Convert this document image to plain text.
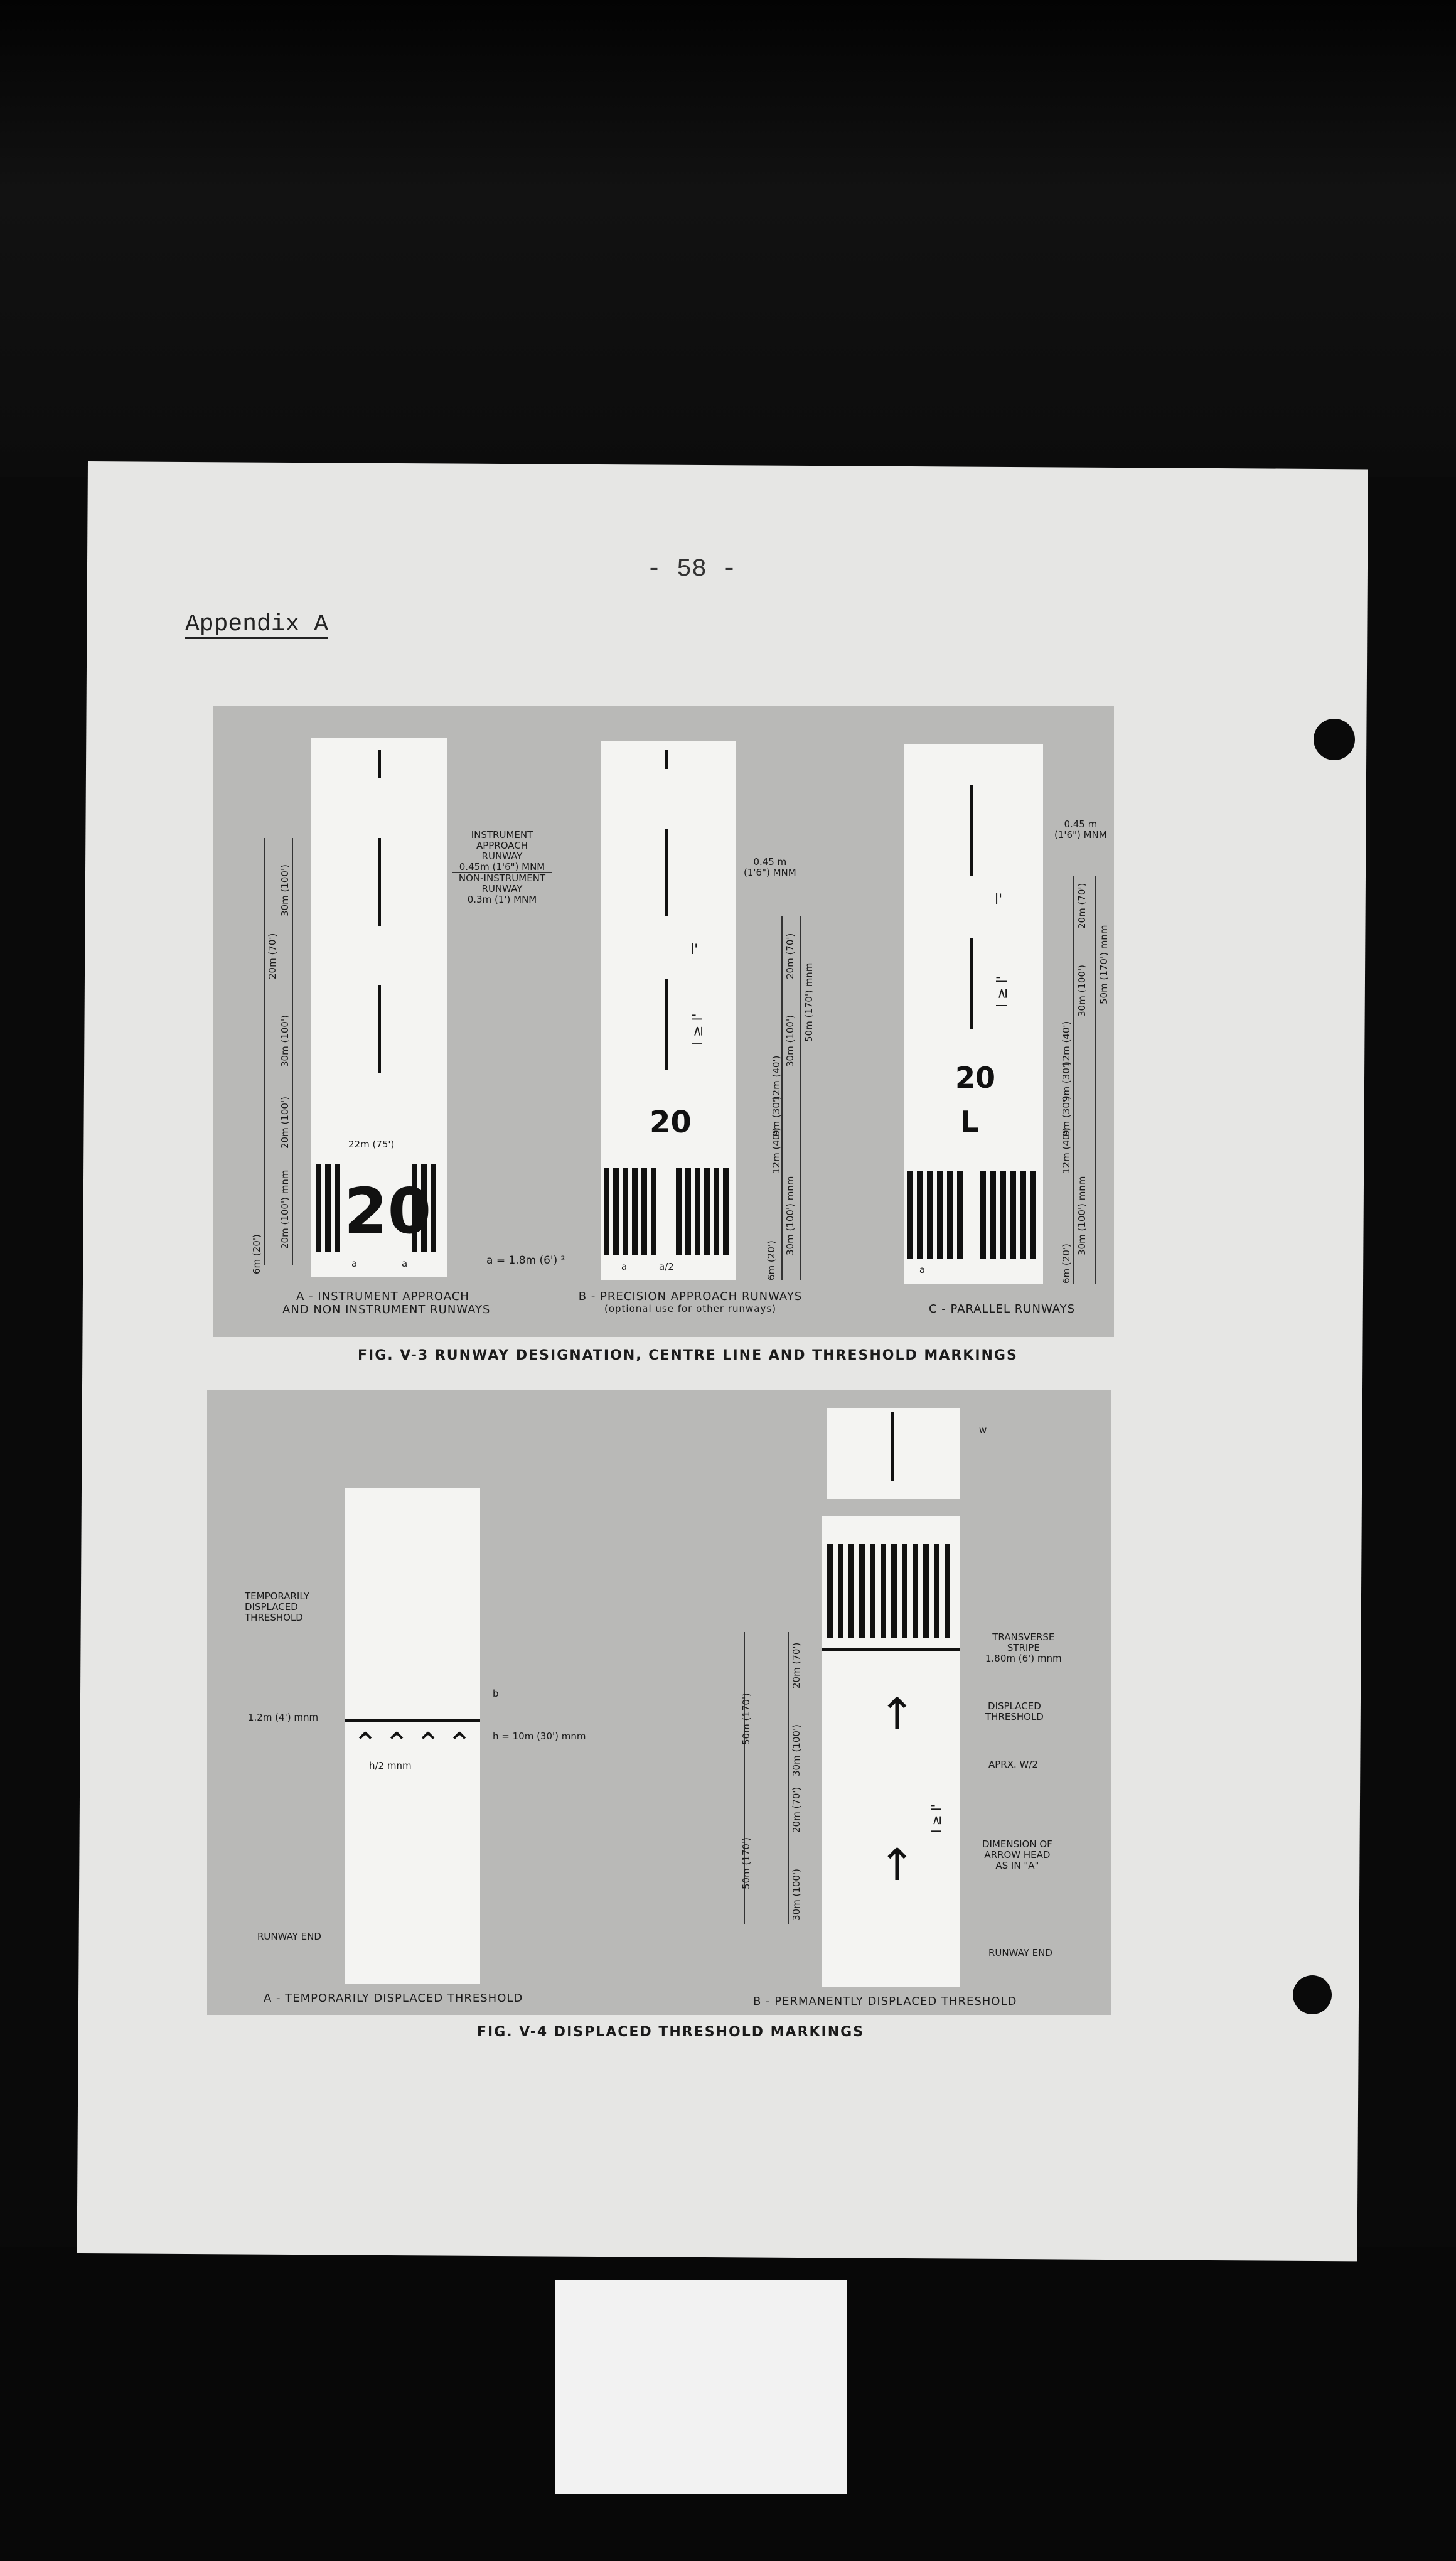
- 58 -
Appendix A
20
30m (100')
20m (70')
30m (100')
20m (100')
20m (100') mnm
6m (20')
INSTRUMENT
APPROACH
RUNWAY
0.45m (1'6") MNM
NON-INSTRUMENT
RUNWAY
0.3m (1') MNM
22m (75')
a	a	a = 1.8m (6') ²
A - INSTRUMENT APPROACH
AND NON INSTRUMENT RUNWAYS
20
0.45 m
(1'6") MNM
l'
l ≥ l'
20m (70')
30m (100') 50m (170') mnm
12m (40')
9m (30')
12m (40')
30m (100') mnm
6m (20')
a	a/2
B - PRECISION APPROACH RUNWAYS
(optional use for other runways)
20
L
0.45 m
(1'6") MNM
l'
l ≥ l'
20m (70')
30m (100') 50m (170') mnm
12m (40')
9m (30')
9m (30')
12m (40')
30m (100') mnm
6m (20')
a
C - PARALLEL RUNWAYS
FIG. V-3 RUNWAY DESIGNATION, CENTRE LINE AND THRESHOLD MARKINGS
⌃ ⌃ ⌃ ⌃
TEMPORARILY
DISPLACED
THRESHOLD
1.2m (4') mnm
h = 10m (30') mnm
h/2 mnm
b
RUNWAY END
A - TEMPORARILY DISPLACED THRESHOLD
w
↑
↑
TRANSVERSE
STRIPE
1.80m (6') mnm
DISPLACED
THRESHOLD
APRX. W/2
DIMENSION OF
ARROW HEAD
AS IN "A"
RUNWAY END
l ≥ l'
50m (170')
20m (70')
30m (100')
50m (170')
20m (70')
30m (100')
B - PERMANENTLY DISPLACED THRESHOLD
FIG. V-4 DISPLACED THRESHOLD MARKINGS
